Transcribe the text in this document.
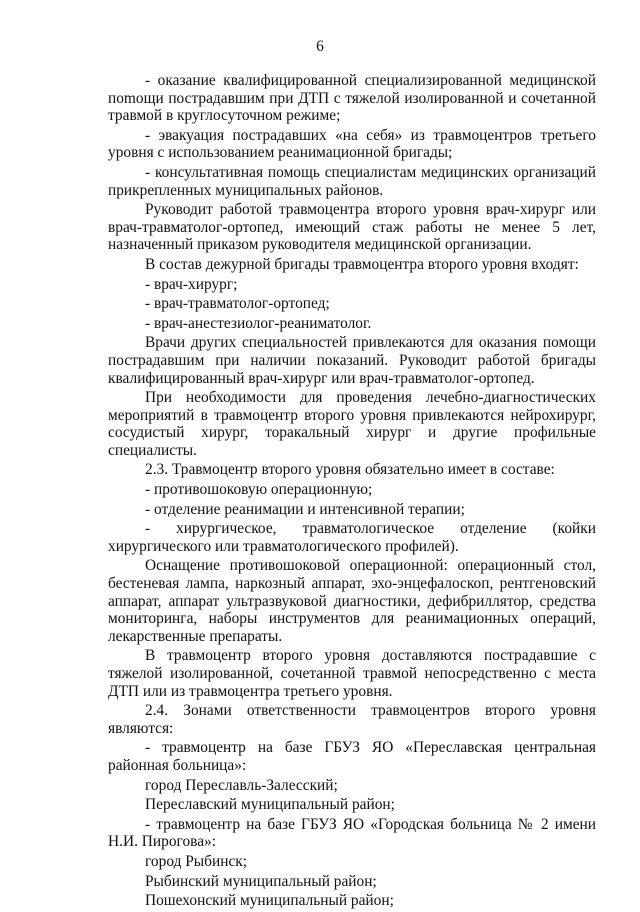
6

- оказание квалифицированной специализированной медицинской поmощи пострадавшим при ДТП с тяжелой изолированной и сочетанной травмой в круглосуточном режиме;

- эвакуация пострадавших «на себя» из травмоцентров третьего уровня с использованием реанимационной бригады;

- консультативная помощь специалистам медицинских организаций прикрепленных муниципальных районов.

Руководит работой травмоцентра второго уровня врач-хирург или врач-травматолог-ортопед, имеющий стаж работы не менее 5 лет, назначенный приказом руководителя медицинской организации.

В состав дежурной бригады травмоцентра второго уровня входят:

- врач-хирург;

- врач-травматолог-ортопед;

- врач-анестезиолог-реаниматолог.

Врачи других специальностей привлекаются для оказания помощи пострадавшим при наличии показаний. Руководит работой бригады квалифицированный врач-хирург или врач-травматолог-ортопед.

При необходимости для проведения лечебно-диагностических мероприятий в травмоцентр второго уровня привлекаются нейрохирург, сосудистый хирург, торакальный хирург и другие профильные специалисты.

2.3. Травмоцентр второго уровня обязательно имеет в составе:

- противошоковую операционную;

- отделение реанимации и интенсивной терапии;

- хирургическое, травматологическое отделение (койки хирургического или травматологического профилей).

Оснащение противошоковой операционной: операционный стол, бестеневая лампа, наркозный аппарат, эхо-энцефалоскоп, рентгеновский аппарат, аппарат ультразвуковой диагностики, дефибриллятор, средства мониторинга, наборы инструментов для реанимационных операций, лекарственные препараты.

В травмоцентр второго уровня доставляются пострадавшие с тяжелой изолированной, сочетанной травмой непосредственно с места ДТП или из травмоцентра третьего уровня.

2.4. Зонами ответственности травмоцентров второго уровня являются:

- травмоцентр на базе ГБУЗ ЯО «Переславская центральная районная больница»:

город Переславль-Залесский;

Переславский муниципальный район;

- травмоцентр на базе ГБУЗ ЯО «Городская больница № 2 имени Н.И. Пирогова»:

город Рыбинск;

Рыбинский муниципальный район;

Пошехонский муниципальный район;
